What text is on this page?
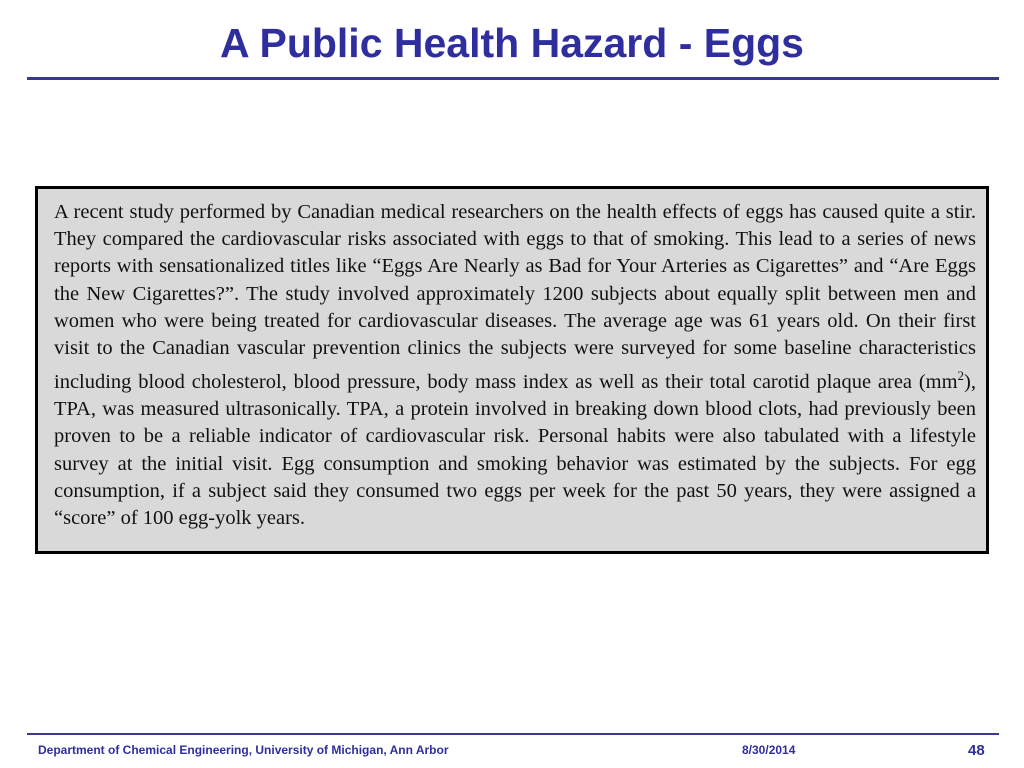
A Public Health Hazard - Eggs

A recent study performed by Canadian medical researchers on the health effects of eggs has caused quite a stir. They compared the cardiovascular risks associated with eggs to that of smoking. This lead to a series of news reports with sensationalized titles like “Eggs Are Nearly as Bad for Your Arteries as Cigarettes” and “Are Eggs the New Cigarettes?”. The study involved approximately 1200 subjects about equally split between men and women who were being treated for cardiovascular diseases. The average age was 61 years old. On their first visit to the Canadian vascular prevention clinics the subjects were surveyed for some baseline characteristics including blood cholesterol, blood pressure, body mass index as well as their total carotid plaque area $(mm^2)$, TPA, was measured ultrasonically. TPA, a protein involved in breaking down blood clots, had previously been proven to be a reliable indicator of cardiovascular risk. Personal habits were also tabulated with a lifestyle survey at the initial visit. Egg consumption and smoking behavior was estimated by the subjects. For egg consumption, if a subject said they consumed two eggs per week for the past 50 years, they were assigned a “score” of 100 egg-yolk years.

Department of Chemical Engineering, University of Michigan, Ann Arbor	8/30/2014	48
